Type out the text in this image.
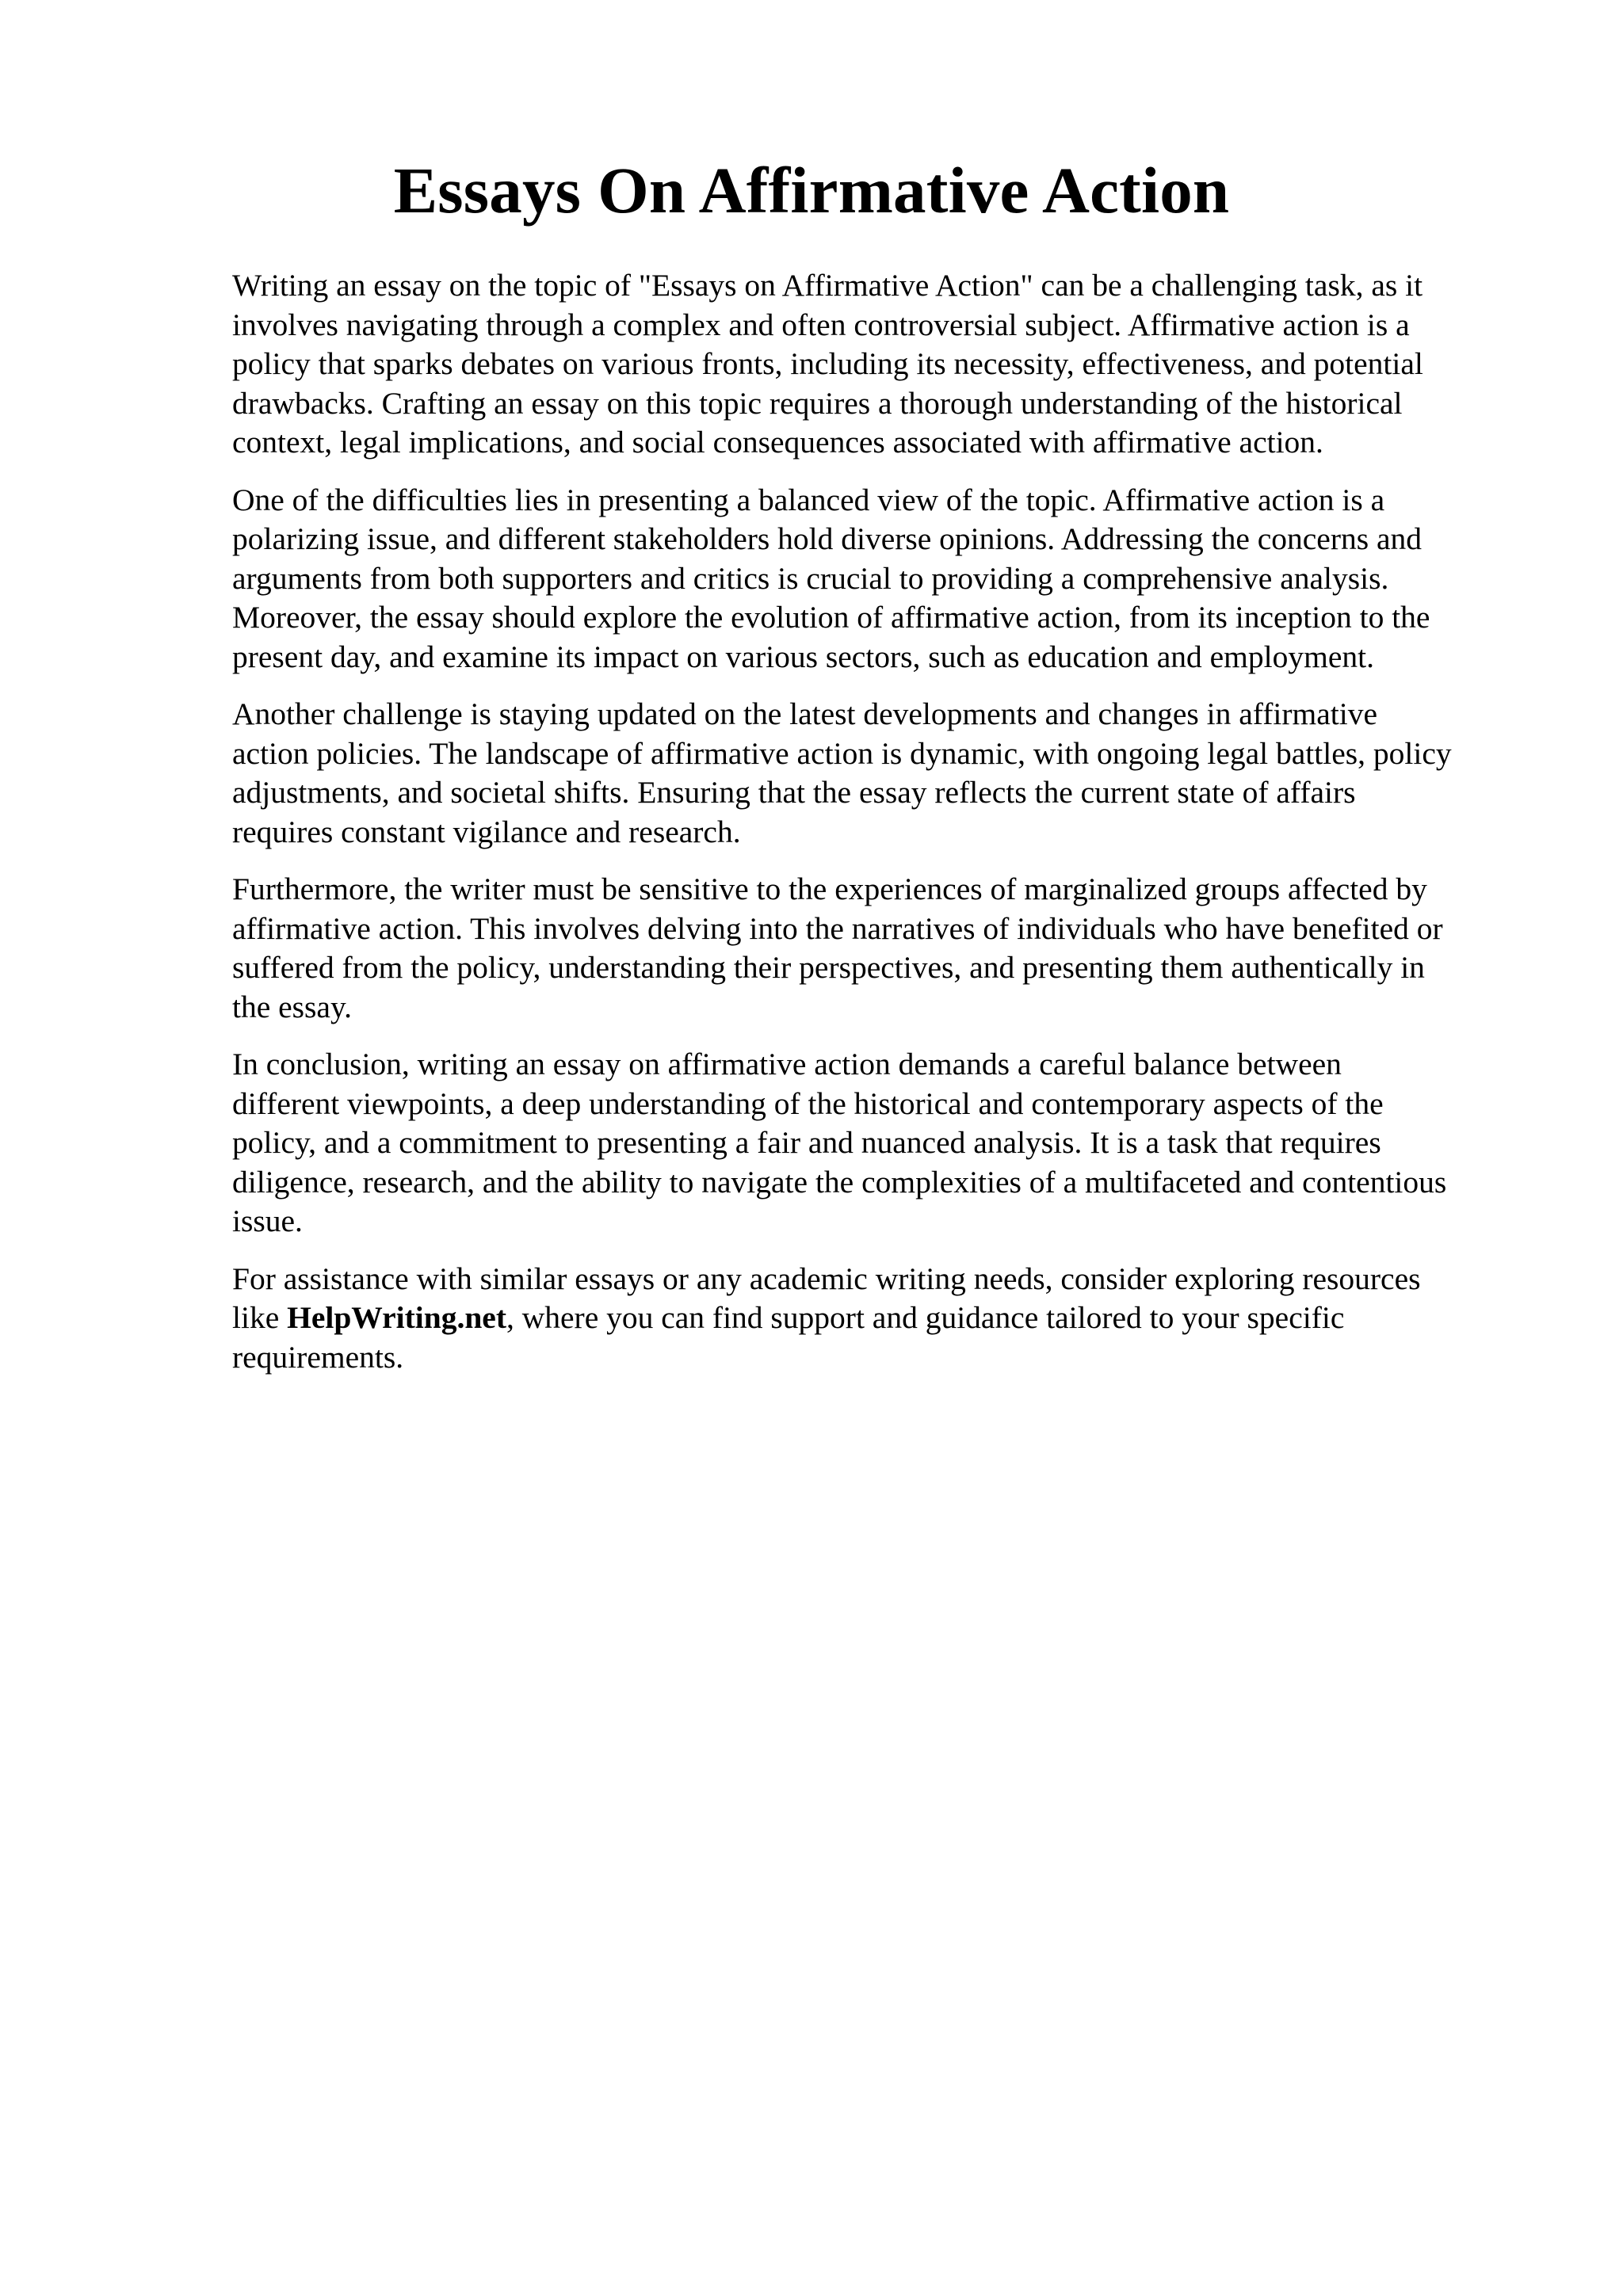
Essays On Affirmative Action

Writing an essay on the topic of "Essays on Affirmative Action" can be a challenging task, as it
involves navigating through a complex and often controversial subject. Affirmative action is a
policy that sparks debates on various fronts, including its necessity, effectiveness, and potential
drawbacks. Crafting an essay on this topic requires a thorough understanding of the historical
context, legal implications, and social consequences associated with affirmative action.

One of the difficulties lies in presenting a balanced view of the topic. Affirmative action is a
polarizing issue, and different stakeholders hold diverse opinions. Addressing the concerns and
arguments from both supporters and critics is crucial to providing a comprehensive analysis.
Moreover, the essay should explore the evolution of affirmative action, from its inception to the
present day, and examine its impact on various sectors, such as education and employment.

Another challenge is staying updated on the latest developments and changes in affirmative
action policies. The landscape of affirmative action is dynamic, with ongoing legal battles, policy
adjustments, and societal shifts. Ensuring that the essay reflects the current state of affairs
requires constant vigilance and research.

Furthermore, the writer must be sensitive to the experiences of marginalized groups affected by
affirmative action. This involves delving into the narratives of individuals who have benefited or
suffered from the policy, understanding their perspectives, and presenting them authentically in
the essay.

In conclusion, writing an essay on affirmative action demands a careful balance between
different viewpoints, a deep understanding of the historical and contemporary aspects of the
policy, and a commitment to presenting a fair and nuanced analysis. It is a task that requires
diligence, research, and the ability to navigate the complexities of a multifaceted and contentious
issue.

For assistance with similar essays or any academic writing needs, consider exploring resources
like HelpWriting.net, where you can find support and guidance tailored to your specific
requirements.
